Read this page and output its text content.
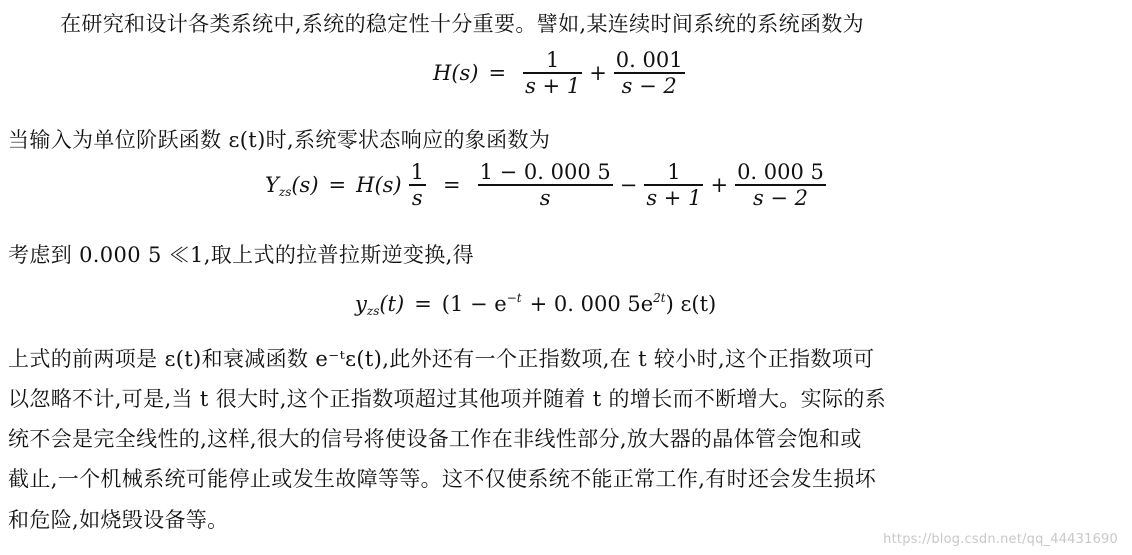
在研究和设计各类系统中,系统的稳定性十分重要。譬如,某连续时间系统的系统函数为
$H(s) = \frac{1}{s + 1} + \frac{0. 001}{s - 2}$
当输入为单位阶跃函数 ε(t)时,系统零状态响应的象函数为
$Y_{zs}$ $(s) = H(s) \frac{1}{s} = \frac{1 - 0. 000 5}{s} - \frac{1}{s + 1} + \frac{0. 000 5}{s - 2}$
考虑到 0.000 5 ≪1,取上式的拉普拉斯逆变换,得
$y_{zs}$ $(t) = (1 - e^{-t} + 0$. 000 $5e^{2t}$ ) ε(t)
上式的前两项是 ε(t)和衰减函数 e⁻ᵗε(t),此外还有一个正指数项,在 t 较小时,这个正指数项可
以忽略不计,可是,当 t 很大时,这个正指数项超过其他项并随着 t 的增长而不断增大。实际的系
统不会是完全线性的,这样,很大的信号将使设备工作在非线性部分,放大器的晶体管会饱和或
截止,一个机械系统可能停止或发生故障等等。这不仅使系统不能正常工作,有时还会发生损坏
和危险,如烧毁设备等。
https://blog.csdn.net/qq_44431690
